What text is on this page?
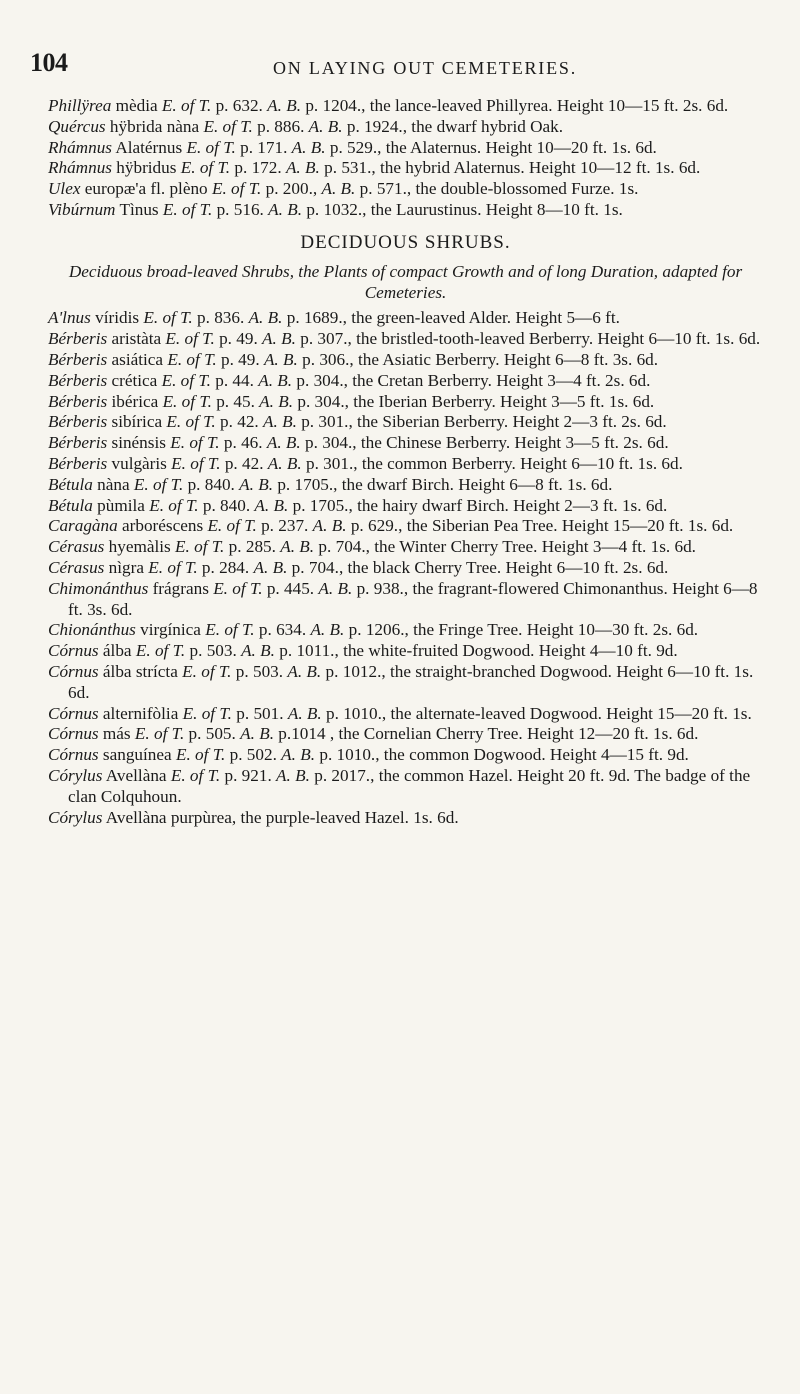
104	ON LAYING OUT CEMETERIES.
Phillÿrea mèdia E. of T. p. 632. A. B. p. 1204., the lance-leaved Phillyrea. Height 10—15 ft. 2s. 6d.
Quércus hÿbrida nàna E. of T. p. 886. A. B. p. 1924., the dwarf hybrid Oak.
Rhámnus Alatérnus E. of T. p. 171. A. B. p. 529., the Alaternus. Height 10—20 ft. 1s. 6d.
Rhámnus hÿbridus E. of T. p. 172. A. B. p. 531., the hybrid Alaternus. Height 10—12 ft. 1s. 6d.
Ulex europæ'a fl. plèno E. of T. p. 200., A. B. p. 571., the double-blossomed Furze. 1s.
Vibúrnum Tìnus E. of T. p. 516. A. B. p. 1032., the Laurustinus. Height 8—10 ft. 1s.
DECIDUOUS SHRUBS.
Deciduous broad-leaved Shrubs, the Plants of compact Growth and of long Duration, adapted for Cemeteries.
A'lnus víridis E. of T. p. 836. A. B. p. 1689., the green-leaved Alder. Height 5—6 ft.
Bérberis aristàta E. of T. p. 49. A. B. p. 307., the bristled-tooth-leaved Berberry. Height 6—10 ft. 1s. 6d.
Bérberis asiática E. of T. p. 49. A. B. p. 306., the Asiatic Berberry. Height 6—8 ft. 3s. 6d.
Bérberis crética E. of T. p. 44. A. B. p. 304., the Cretan Berberry. Height 3—4 ft. 2s. 6d.
Bérberis ibérica E. of T. p. 45. A. B. p. 304., the Iberian Berberry. Height 3—5 ft. 1s. 6d.
Bérberis sibírica E. of T. p. 42. A. B. p. 301., the Siberian Berberry. Height 2—3 ft. 2s. 6d.
Bérberis sinénsis E. of T. p. 46. A. B. p. 304., the Chinese Berberry. Height 3—5 ft. 2s. 6d.
Bérberis vulgàris E. of T. p. 42. A. B. p. 301., the common Berberry. Height 6—10 ft. 1s. 6d.
Bétula nàna E. of T. p. 840. A. B. p. 1705., the dwarf Birch. Height 6—8 ft. 1s. 6d.
Bétula pùmila E. of T. p. 840. A. B. p. 1705., the hairy dwarf Birch. Height 2—3 ft. 1s. 6d.
Caragàna arboréscens E. of T. p. 237. A. B. p. 629., the Siberian Pea Tree. Height 15—20 ft. 1s. 6d.
Cérasus hyemàlis E. of T. p. 285. A. B. p. 704., the Winter Cherry Tree. Height 3—4 ft. 1s. 6d.
Cérasus nìgra E. of T. p. 284. A. B. p. 704., the black Cherry Tree. Height 6—10 ft. 2s. 6d.
Chimonánthus frágrans E. of T. p. 445. A. B. p. 938., the fragrant-flowered Chimonanthus. Height 6—8 ft. 3s. 6d.
Chionánthus virgínica E. of T. p. 634. A. B. p. 1206., the Fringe Tree. Height 10—30 ft. 2s. 6d.
Córnus álba E. of T. p. 503. A. B. p. 1011., the white-fruited Dogwood. Height 4—10 ft. 9d.
Córnus álba strícta E. of T. p. 503. A. B. p. 1012., the straight-branched Dogwood. Height 6—10 ft. 1s. 6d.
Córnus alternifòlia E. of T. p. 501. A. B. p. 1010., the alternate-leaved Dogwood. Height 15—20 ft. 1s.
Córnus más E. of T. p. 505. A. B. p.1014 , the Cornelian Cherry Tree. Height 12—20 ft. 1s. 6d.
Córnus sanguínea E. of T. p. 502. A. B. p. 1010., the common Dogwood. Height 4—15 ft. 9d.
Córylus Avellàna E. of T. p. 921. A. B. p. 2017., the common Hazel. Height 20 ft. 9d. The badge of the clan Colquhoun.
Córylus Avellàna purpùrea, the purple-leaved Hazel. 1s. 6d.
